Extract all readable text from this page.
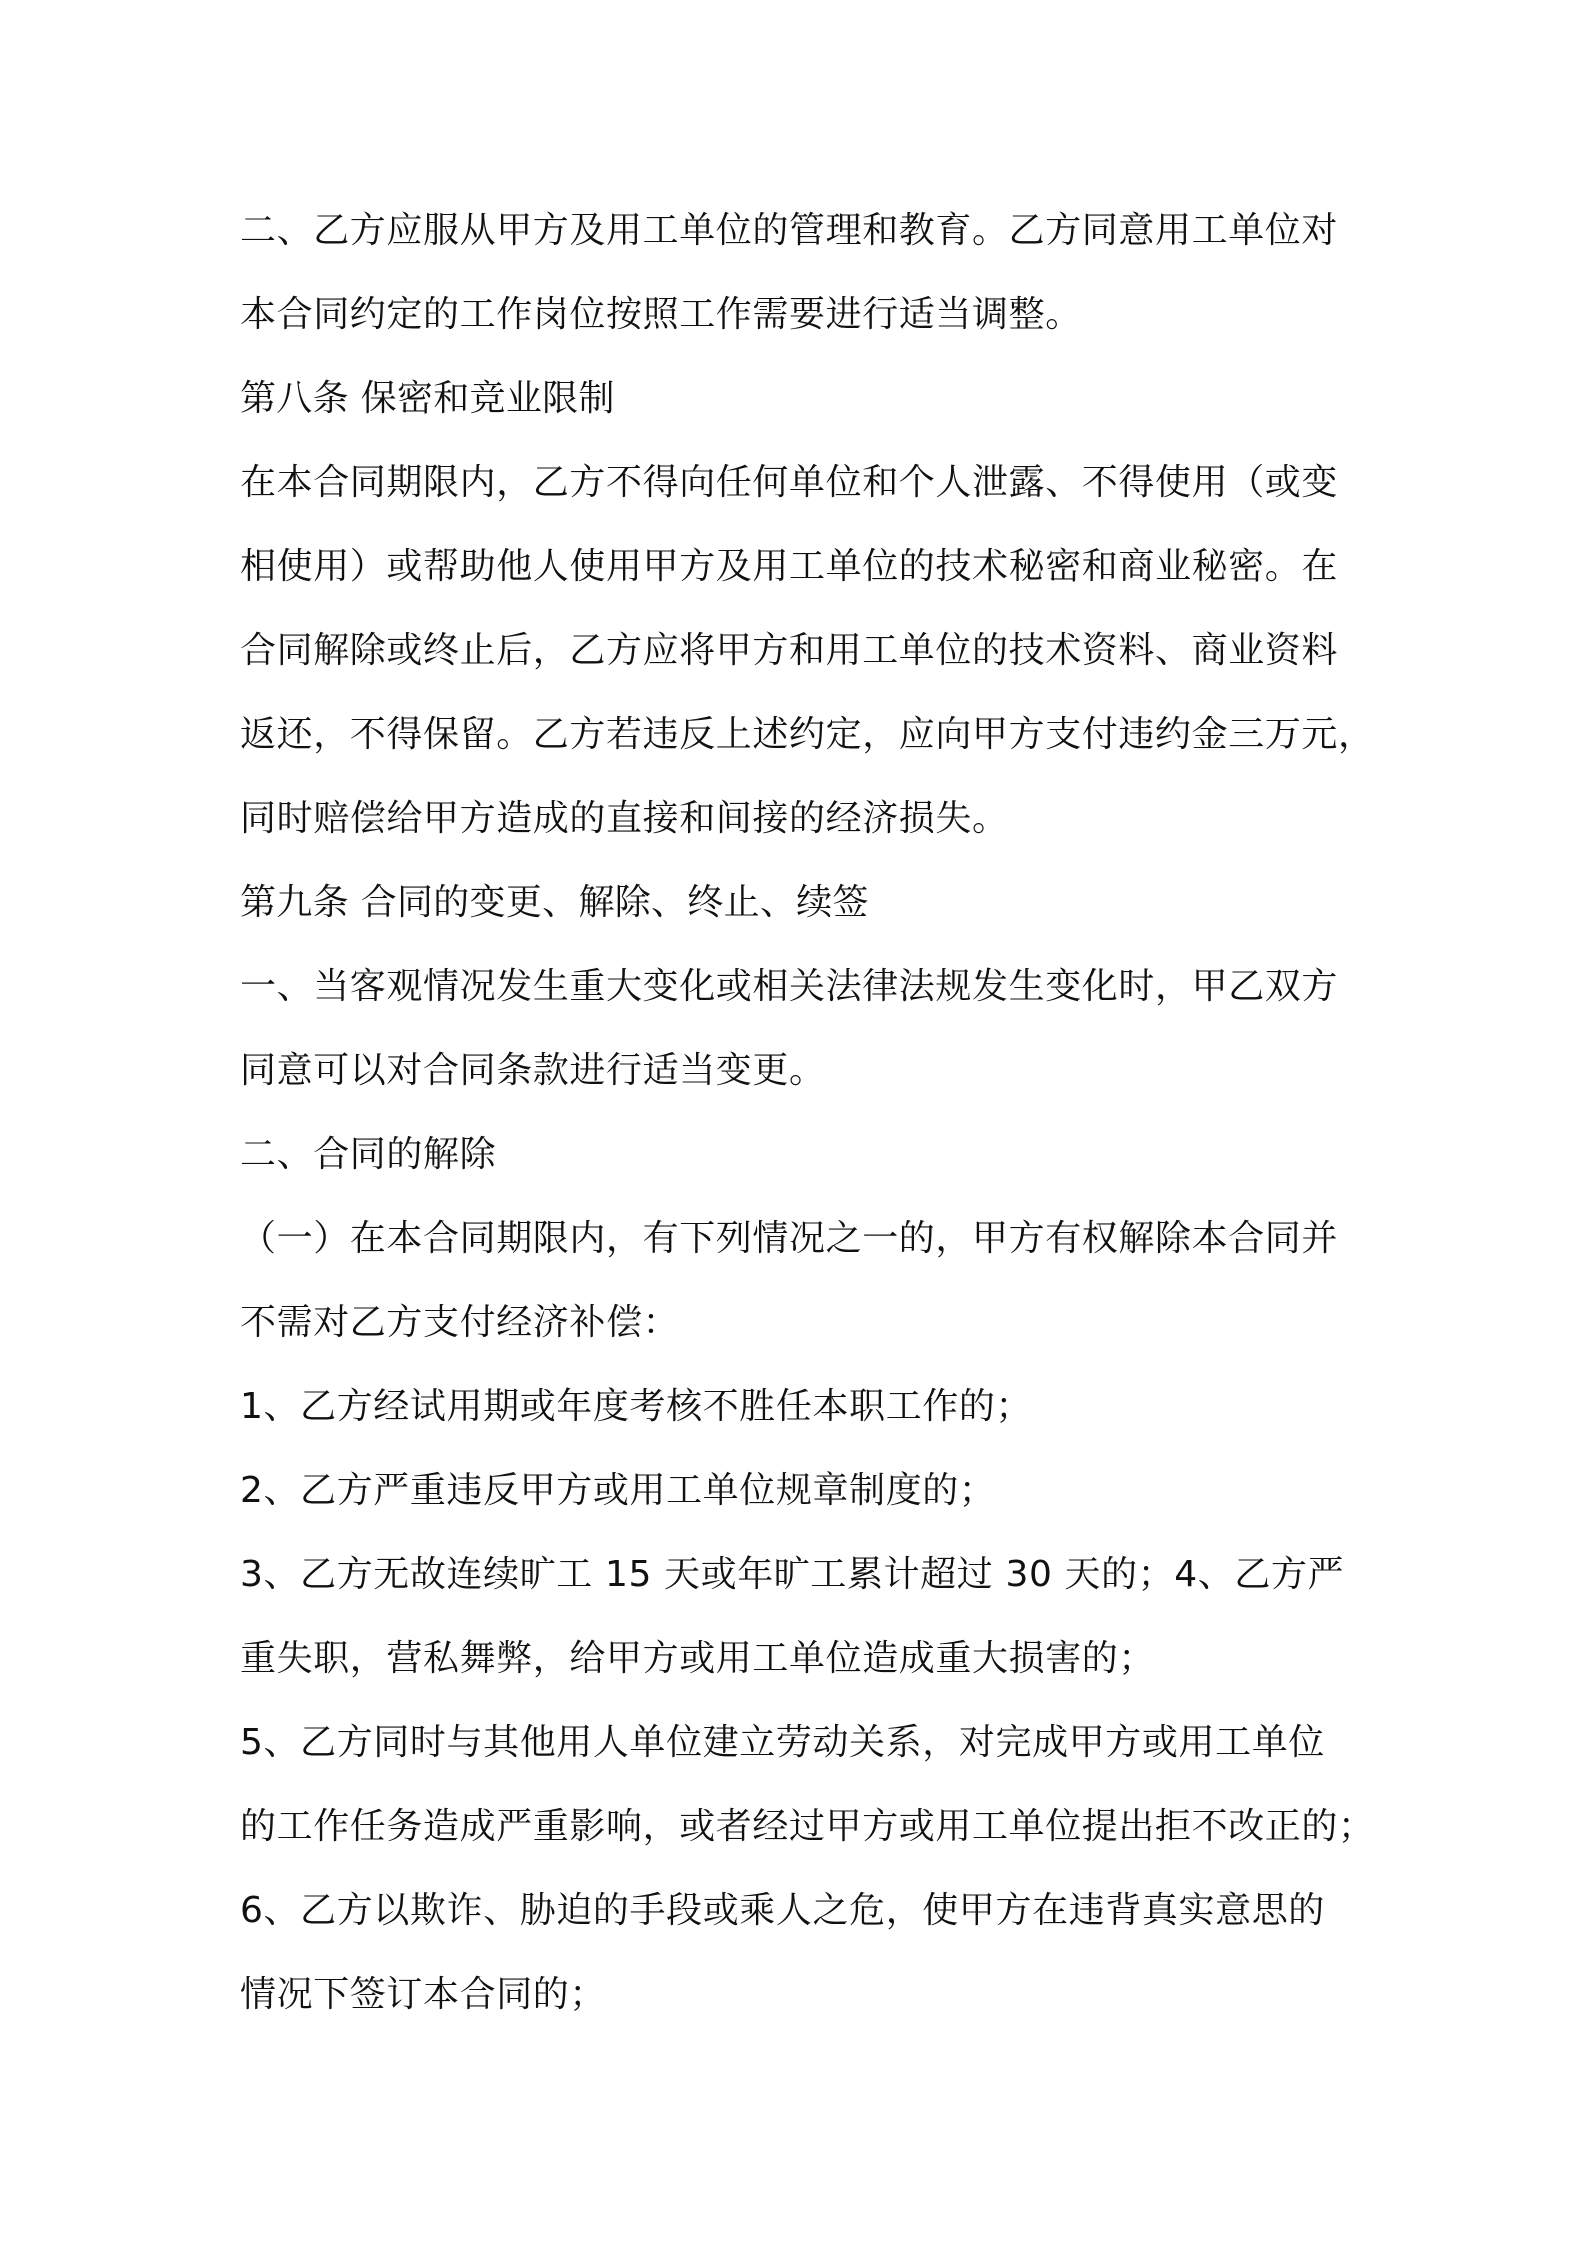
二、乙方应服从甲方及用工单位的管理和教育。乙方同意用工单位对
本合同约定的工作岗位按照工作需要进行适当调整。
第八条 保密和竞业限制
在本合同期限内，乙方不得向任何单位和个人泄露、不得使用（或变
相使用）或帮助他人使用甲方及用工单位的技术秘密和商业秘密。在
合同解除或终止后，乙方应将甲方和用工单位的技术资料、商业资料
返还，不得保留。乙方若违反上述约定，应向甲方支付违约金三万元，
同时赔偿给甲方造成的直接和间接的经济损失。
第九条 合同的变更、解除、终止、续签
一、当客观情况发生重大变化或相关法律法规发生变化时，甲乙双方
同意可以对合同条款进行适当变更。
二、合同的解除
（一）在本合同期限内，有下列情况之一的，甲方有权解除本合同并
不需对乙方支付经济补偿：
1、乙方经试用期或年度考核不胜任本职工作的；
2、乙方严重违反甲方或用工单位规章制度的；
3、乙方无故连续旷工 15 天或年旷工累计超过 30 天的；4、乙方严
重失职，营私舞弊，给甲方或用工单位造成重大损害的；
5、乙方同时与其他用人单位建立劳动关系，对完成甲方或用工单位
的工作任务造成严重影响，或者经过甲方或用工单位提出拒不改正的；
6、乙方以欺诈、胁迫的手段或乘人之危，使甲方在违背真实意思的
情况下签订本合同的；
